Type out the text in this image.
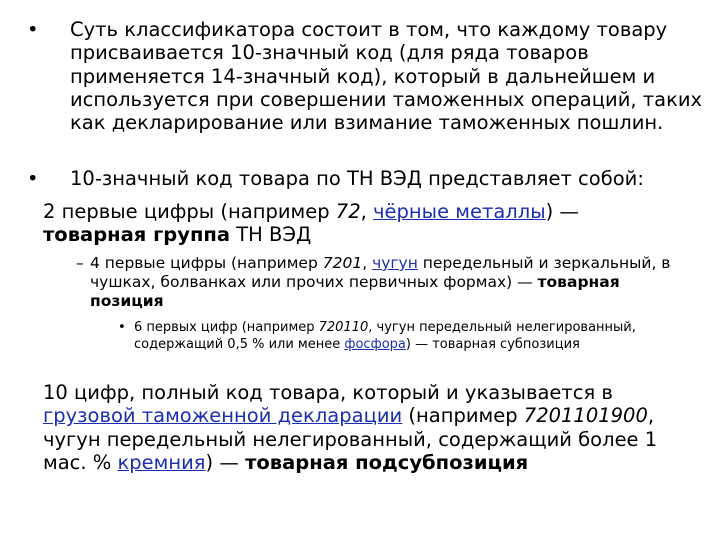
• Суть классификатора состоит в том, что каждому товару присваивается 10-значный код (для ряда товаров применяется 14-значный код), который в дальнейшем и используется при совершении таможенных операций, таких как декларирование или взимание таможенных пошлин.
• 10-значный код товара по ТН ВЭД представляет собой:
2 первые цифры (например 72, чёрные металлы) — товарная группа ТН ВЭД
– 4 первые цифры (например 7201, чугун передельный и зеркальный, в чушках, болванках или прочих первичных формах) — товарная позиция
• 6 первых цифр (например 720110, чугун передельный нелегированный, содержащий 0,5 % или менее фосфора) — товарная субпозиция
10 цифр, полный код товара, который и указывается в грузовой таможенной декларации (например 7201101900, чугун передельный нелегированный, содержащий более 1 мас. % кремния) — товарная подсубпозиция
